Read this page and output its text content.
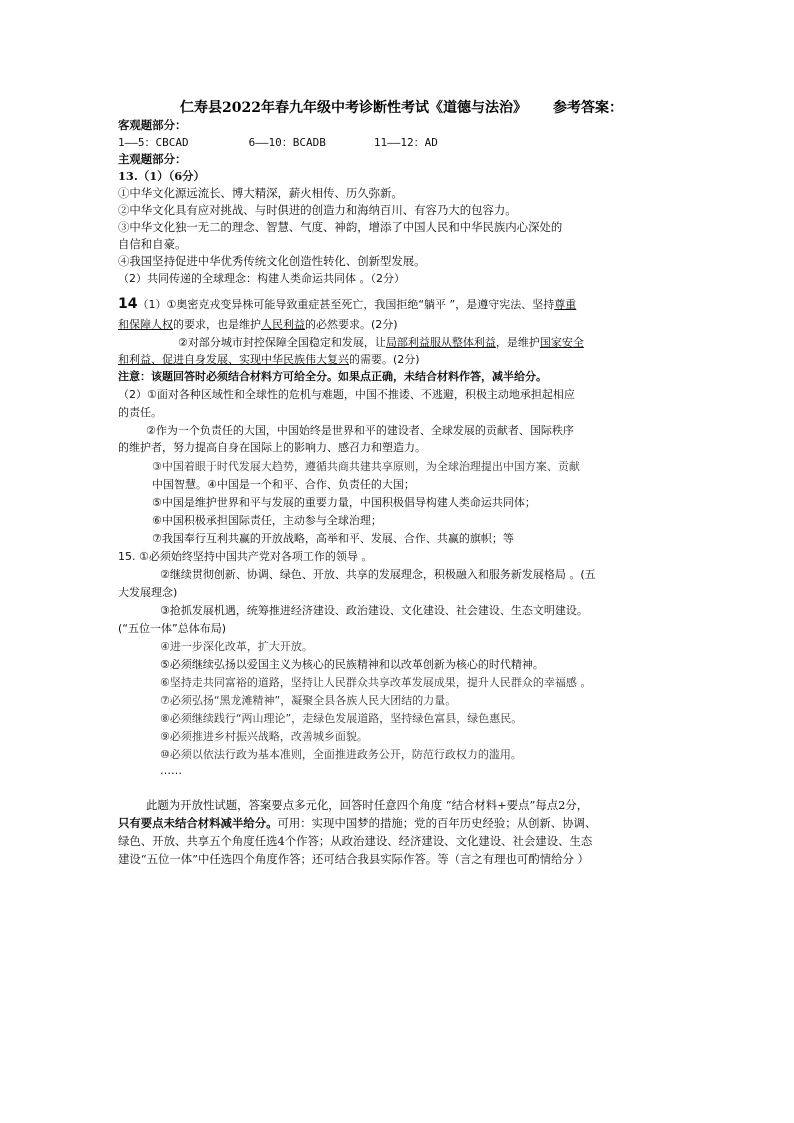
仁寿县2022年春九年级中考诊断性考试《道德与法治》 参考答案：
客观题部分：
1——5：CBCAD	6——10：BCADB	11——12：AD
主观题部分：
13.（1）（6分）
①中华文化源远流长、博大精深，薪火相传、历久弥新。
②中华文化具有应对挑战、与时俱进的创造力和海纳百川、有容乃大的包容力。
③中华文化独一无二的理念、智慧、气度、神韵，增添了中国人民和中华民族内心深处的
自信和自豪。
④我国坚持促进中华优秀传统文化创造性转化、创新型发展。
（2）共同传递的全球理念：构建人类命运共同体 。（2分）
14（1）①奥密克戎变异株可能导致重症甚至死亡，我国拒绝“躺平 ”，是遵守宪法、坚持尊重
和保障人权的要求，也是维护人民利益的必然要求。(2分)
②对部分城市封控保障全国稳定和发展，让局部利益服从整体利益，是维护国家安全
和利益、促进自身发展、实现中华民族伟大复兴的需要。(2分)
注意：该题回答时必须结合材料方可给全分。如果点正确，未结合材料作答，减半给分。
（2）①面对各种区域性和全球性的危机与难题，中国不推诿、不逃避，积极主动地承担起相应
的责任。
②作为一个负责任的大国，中国始终是世界和平的建设者、全球发展的贡献者、国际秩序
的维护者，努力提高自身在国际上的影响力、感召力和塑造力。
③中国着眼于时代发展大趋势，遵循共商共建共享原则，为全球治理提出中国方案、贡献
中国智慧。④中国是一个和平、合作、负责任的大国；
⑤中国是维护世界和平与发展的重要力量，中国积极倡导构建人类命运共同体；
⑥中国积极承担国际责任，主动参与全球治理；
⑦我国奉行互利共赢的开放战略，高举和平、发展、合作、共赢的旗帜；等
15. ①必须始终坚持中国共产党对各项工作的领导 。
②继续贯彻创新、协调、绿色、开放、共享的发展理念，积极融入和服务新发展格局 。(五
大发展理念)
③抢抓发展机遇，统筹推进经济建设、政治建设、文化建设、社会建设、生态文明建设。
(“五位一体”总体布局)
④进一步深化改革，扩大开放。
⑤必须继续弘扬以爱国主义为核心的民族精神和以改革创新为核心的时代精神。
⑥坚持走共同富裕的道路，坚持让人民群众共享改革发展成果，提升人民群众的幸福感 。
⑦必须弘扬“黑龙滩精神”，凝聚全县各族人民大团结的力量。
⑧必须继续践行“两山理论”，走绿色发展道路，坚持绿色富县，绿色惠民。
⑨必须推进乡村振兴战略，改善城乡面貌。
⑩必须以依法行政为基本准则，全面推进政务公开，防范行政权力的滥用。
……
此题为开放性试题，答案要点多元化，回答时任意四个角度 “结合材料+要点”每点2分，
只有要点未结合材料减半给分。可用：实现中国梦的措施；党的百年历史经验；从创新、协调、
绿色、开放、共享五个角度任选4个作答；从政治建设、经济建设、文化建设、社会建设、生态
建设“五位一体”中任选四个角度作答；还可结合我县实际作答。等（言之有理也可酌情给分 ）
